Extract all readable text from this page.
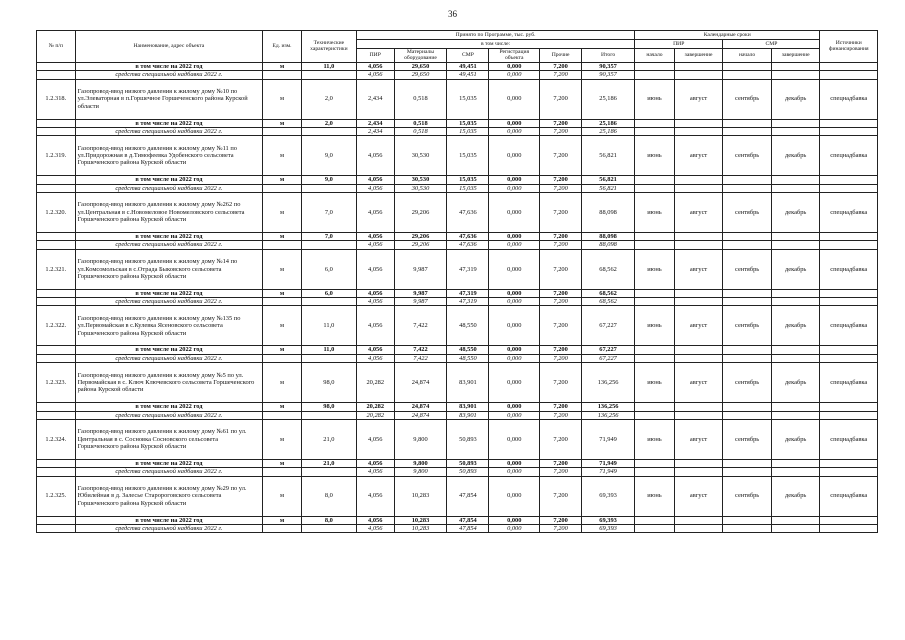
36
№ п/п	Наименование, адрес объекта	Ед. изм.	Технические характеристики	Принято по Программе, тыс. руб.						Календарные сроки				Источники финансирования
				в том числе:						ПИР		СМР		
				ПИР	Материалы оборудование	СМР	Регистрация объекта	Прочие	Итого	начало	завершение	начало	завершение	
	в том числе на 2022 год	м	11,0	4,056	29,650	49,451	0,000	7,200	90,357					
	средства специальной надбавки 2022 г.			4,056	29,650	49,451	0,000	7,200	90,357					
1.2.318.	Газопровод-ввод низкого давления к жилому дому №10 по ул.Элеваторная в п.Горшечное Горшеченского района Курской области	м	2,0	2,434	0,518	15,035	0,000	7,200	25,186	июнь	август	сентябрь	декабрь	спецнадбавка
	в том числе на 2022 год	м	2,0	2,434	0,518	15,035	0,000	7,200	25,186					
	средства специальной надбавки 2022 г.			2,434	0,518	15,035	0,000	7,200	25,186					
1.2.319.	Газопровод-ввод низкого давления к жилому дому №11 по ул.Придорожная в д.Тимофеевка Удобенского сельсовета Горшеченского района Курской области	м	9,0	4,056	30,530	15,035	0,000	7,200	56,821	июнь	август	сентябрь	декабрь	спецнадбавка
	в том числе на 2022 год	м	9,0	4,056	30,530	15,035	0,000	7,200	56,821					
	средства специальной надбавки 2022 г.			4,056	30,530	15,035	0,000	7,200	56,821					
1.2.320.	Газопровод-ввод низкого давления к жилому дому №262 по ул.Центральная в с.Новомеловое Новомеловского сельсовета Горшеченского района Курской области	м	7,0	4,056	29,206	47,636	0,000	7,200	88,098	июнь	август	сентябрь	декабрь	спецнадбавка
	в том числе на 2022 год	м	7,0	4,056	29,206	47,636	0,000	7,200	88,098					
	средства специальной надбавки 2022 г.			4,056	29,206	47,636	0,000	7,200	88,098					
1.2.321.	Газопровод-ввод низкого давления к жилому дому №14 по ул.Комсомольская в с.Отрада Быковского сельсовета Горшеченского района Курской области	м	6,0	4,056	9,987	47,319	0,000	7,200	68,562	июнь	август	сентябрь	декабрь	спецнадбавка
	в том числе на 2022 год	м	6,0	4,056	9,987	47,319	0,000	7,200	68,562					
	средства специальной надбавки 2022 г.			4,056	9,987	47,319	0,000	7,200	68,562					
1.2.322.	Газопровод-ввод низкого давления к жилому дому №135 по ул.Первомайская в с.Кулевка Ясеновского сельсовета Горшеченского района Курской области	м	11,0	4,056	7,422	48,550	0,000	7,200	67,227	июнь	август	сентябрь	декабрь	спецнадбавка
	в том числе на 2022 год	м	11,0	4,056	7,422	48,550	0,000	7,200	67,227					
	средства специальной надбавки 2022 г.			4,056	7,422	48,550	0,000	7,200	67,227					
1.2.323.	Газопровод-ввод низкого давления к жилому дому №5 по ул. Первомайская в с. Ключ Ключевского сельсовета Горшеченского района Курской области	м	98,0	20,282	24,874	83,901	0,000	7,200	136,256	июнь	август	сентябрь	декабрь	спецнадбавка
	в том числе на 2022 год	м	98,0	20,282	24,874	83,901	0,000	7,200	136,256					
	средства специальной надбавки 2022 г.			20,282	24,874	83,901	0,000	7,200	136,256					
1.2.324.	Газопровод-ввод низкого давления к жилому дому №61 по ул. Центральная в с. Сосновка Сосновского сельсовета Горшеченского района Курской области	м	21,0	4,056	9,800	50,893	0,000	7,200	71,949	июнь	август	сентябрь	декабрь	спецнадбавка
	в том числе на 2022 год	м	21,0	4,056	9,800	50,893	0,000	7,200	71,949					
	средства специальной надбавки 2022 г.			4,056	9,800	50,893	0,000	7,200	71,949					
1.2.325.	Газопровод-ввод низкого давления к жилому дому №29 по ул. Юбилейная в д. Залесье Старороговского сельсовета Горшеченского района Курской области	м	8,0	4,056	10,283	47,854	0,000	7,200	69,393	июнь	август	сентябрь	декабрь	спецнадбавка
	в том числе на 2022 год	м	8,0	4,056	10,283	47,854	0,000	7,200	69,393					
	средства специальной надбавки 2022 г.			4,056	10,283	47,854	0,000	7,200	69,393					
